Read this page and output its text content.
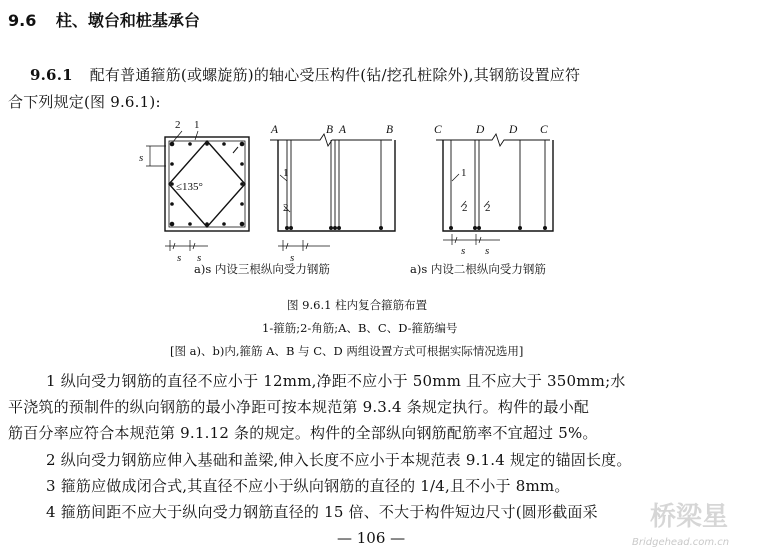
9.6 柱、墩台和桩基承台
9.6.1 配有普通箍筋(或螺旋筋)的轴心受压构件(钻/挖孔桩除外),其钢筋设置应符
合下列规定(图 9.6.1):
2 1
s
≤135°
s s
A	B A	B
1
2
s
C	D D C
1
2 2
s s
a)s 内设三根纵向受力钢筋	a)s 内设二根纵向受力钢筋
图 9.6.1 柱内复合箍筋布置
1-箍筋;2-角筋;A、B、C、D-箍筋编号
[图 a)、b)内,箍筋 A、B 与 C、D 两组设置方式可根据实际情况选用]
1 纵向受力钢筋的直径不应小于 12mm,净距不应小于 50mm 且不应大于 350mm;水
平浇筑的预制件的纵向钢筋的最小净距可按本规范第 9.3.4 条规定执行。构件的最小配
筋百分率应符合本规范第 9.1.12 条的规定。构件的全部纵向钢筋配筋率不宜超过 5%。
2 纵向受力钢筋应伸入基础和盖梁,伸入长度不应小于本规范表 9.1.4 规定的锚固长度。
3 箍筋应做成闭合式,其直径不应小于纵向钢筋的直径的 1/4,且不小于 8mm。
4 箍筋间距不应大于纵向受力钢筋直径的 15 倍、不大于构件短边尺寸(圆形截面采
— 106 —
桥梁星
Bridgehead.com.cn
